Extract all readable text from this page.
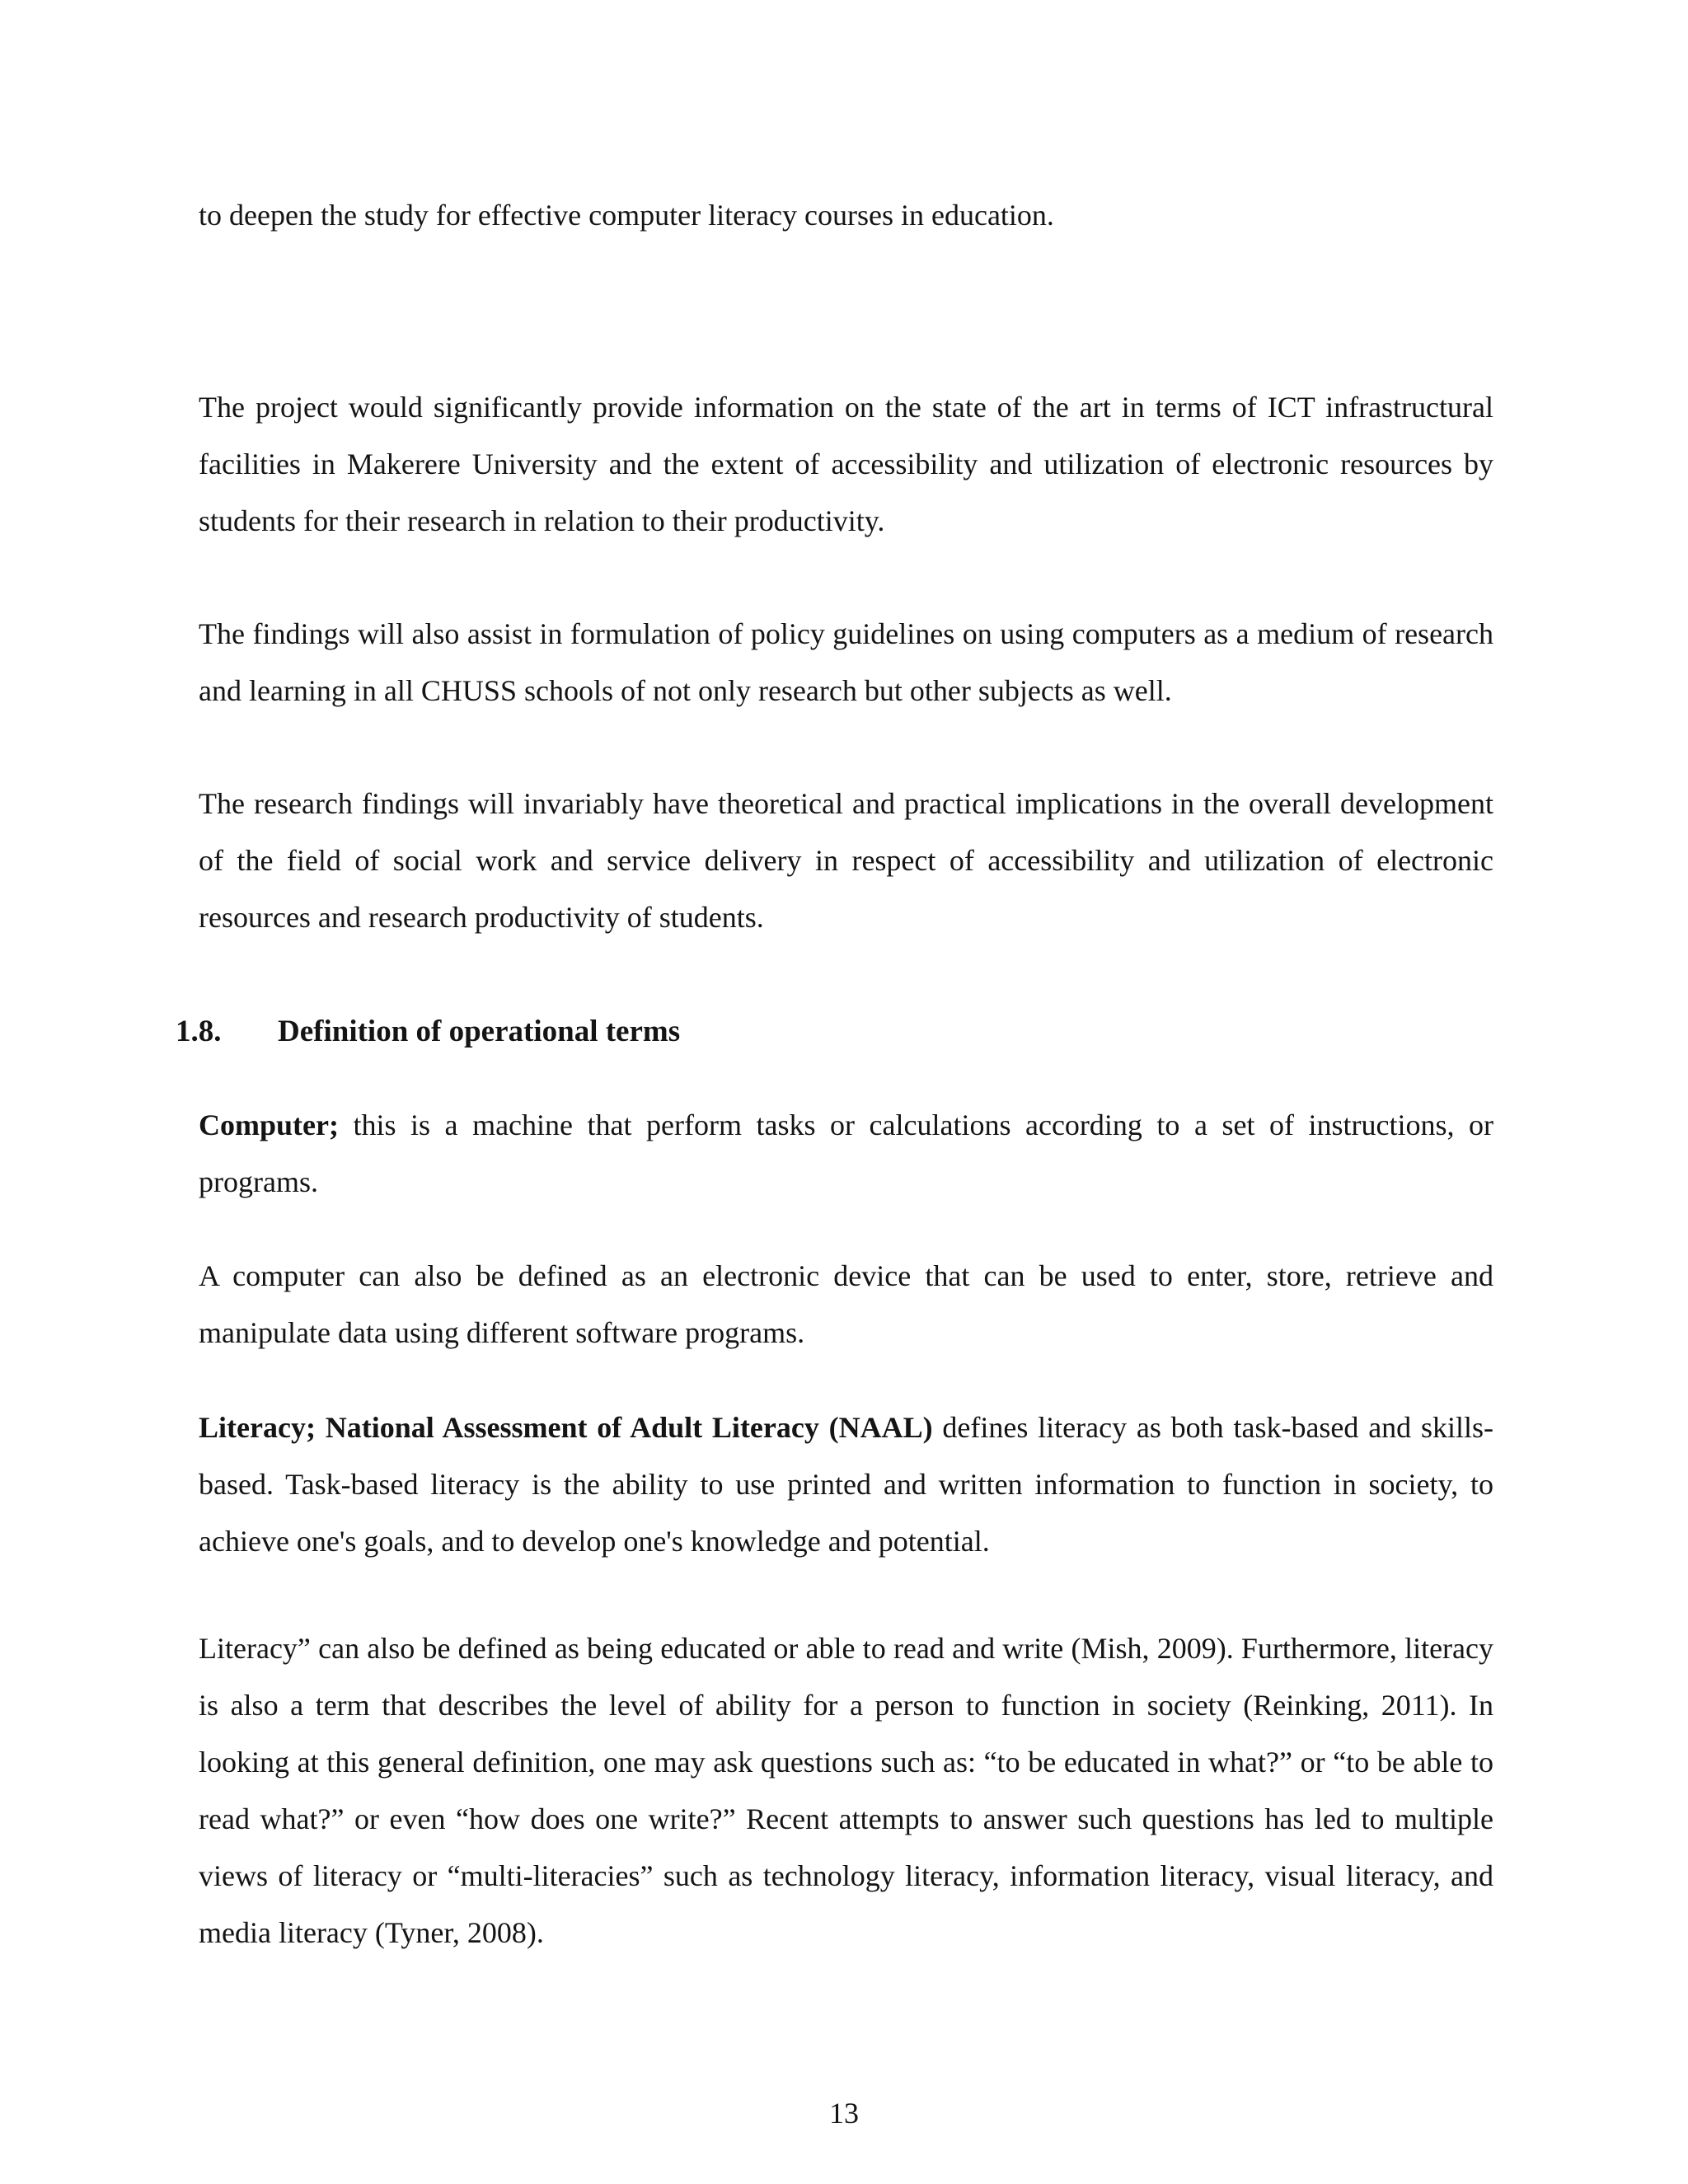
to deepen the study for effective computer literacy courses in education.

The project would significantly provide information on the state of the art in terms of ICT infrastructural facilities in Makerere University and the extent of accessibility and utilization of electronic resources by students for their research in relation to their productivity.

The findings will also assist in formulation of policy guidelines on using computers as a medium of research and learning in all CHUSS schools of not only research but other subjects as well.

The research findings will invariably have theoretical and practical implications in the overall development of the field of social work and service delivery in respect of accessibility and utilization of electronic resources and research productivity of students.

1.8. Definition of operational terms

Computer; this is a machine that perform tasks or calculations according to a set of instructions, or programs.

A computer can also be defined as an electronic device that can be used to enter, store, retrieve and manipulate data using different software programs.

Literacy; National Assessment of Adult Literacy (NAAL) defines literacy as both task-based and skills-based. Task-based literacy is the ability to use printed and written information to function in society, to achieve one's goals, and to develop one's knowledge and potential.

Literacy” can also be defined as being educated or able to read and write (Mish, 2009). Furthermore, literacy is also a term that describes the level of ability for a person to function in society (Reinking, 2011). In looking at this general definition, one may ask questions such as: “to be educated in what?” or “to be able to read what?” or even “how does one write?” Recent attempts to answer such questions has led to multiple views of literacy or “multi-literacies” such as technology literacy, information literacy, visual literacy, and media literacy (Tyner, 2008).

13
